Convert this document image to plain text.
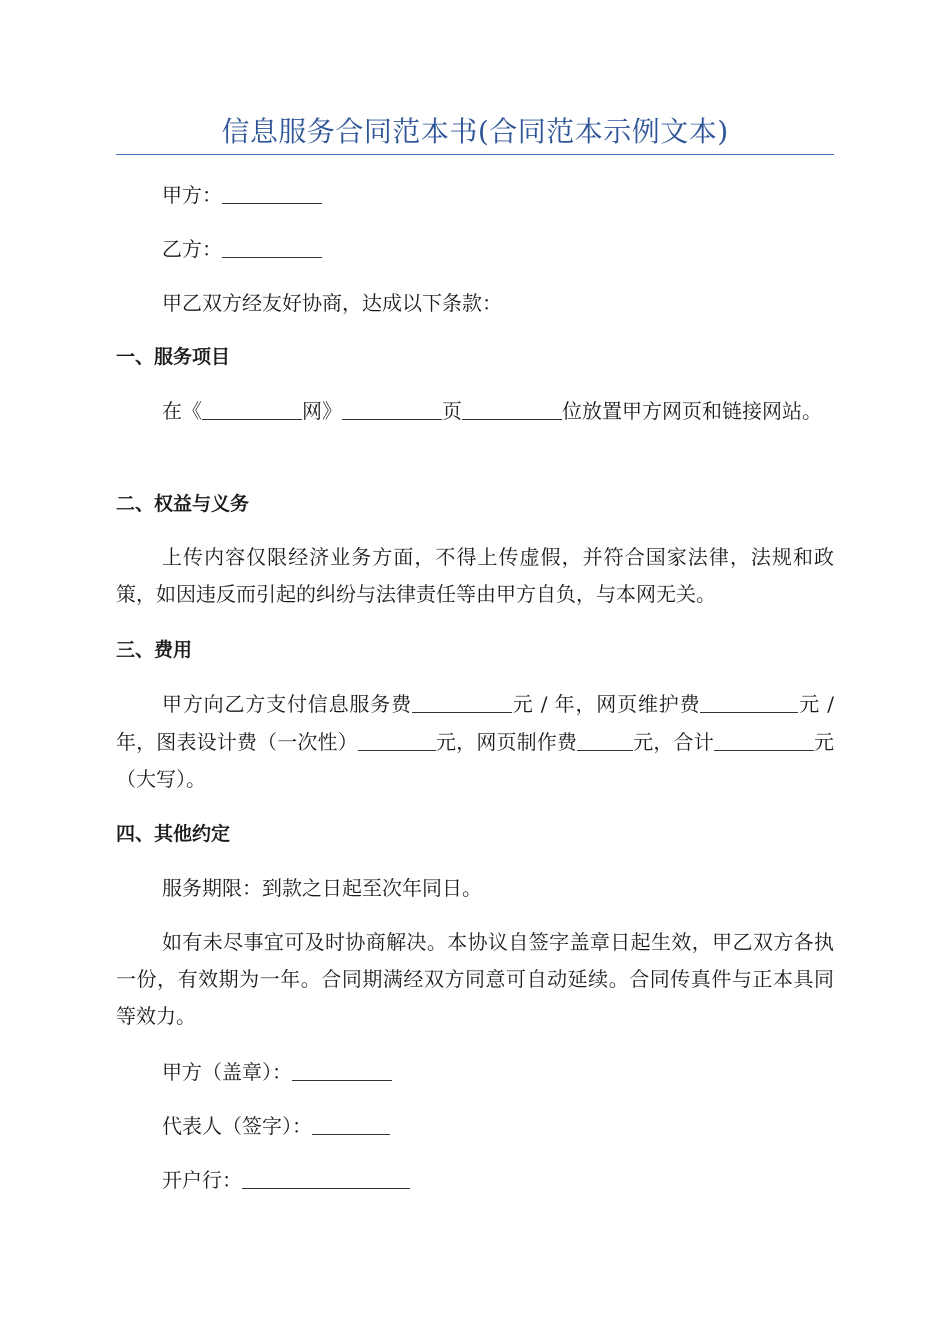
信息服务合同范本书(合同范本示例文本)
甲方：
乙方：
甲乙双方经友好协商，达成以下条款：
一、服务项目
在《	网》	页	位放置甲方网页和链接网站。
二、权益与义务
上传内容仅限经济业务方面，不得上传虚假，并符合国家法律，法规和政策，如因违反而引起的纠纷与法律责任等由甲方自负，与本网无关。
三、费用
甲方向乙方支付信息服务费	元 / 年，网页维护费	元 / 年，图表设计费（一次性）	元，网页制作费	元，合计	元（大写）。
四、其他约定
服务期限：到款之日起至次年同日。
如有未尽事宜可及时协商解决。本协议自签字盖章日起生效，甲乙双方各执一份，有效期为一年。合同期满经双方同意可自动延续。合同传真件与正本具同等效力。
甲方（盖章）：
代表人（签字）：
开户行：
